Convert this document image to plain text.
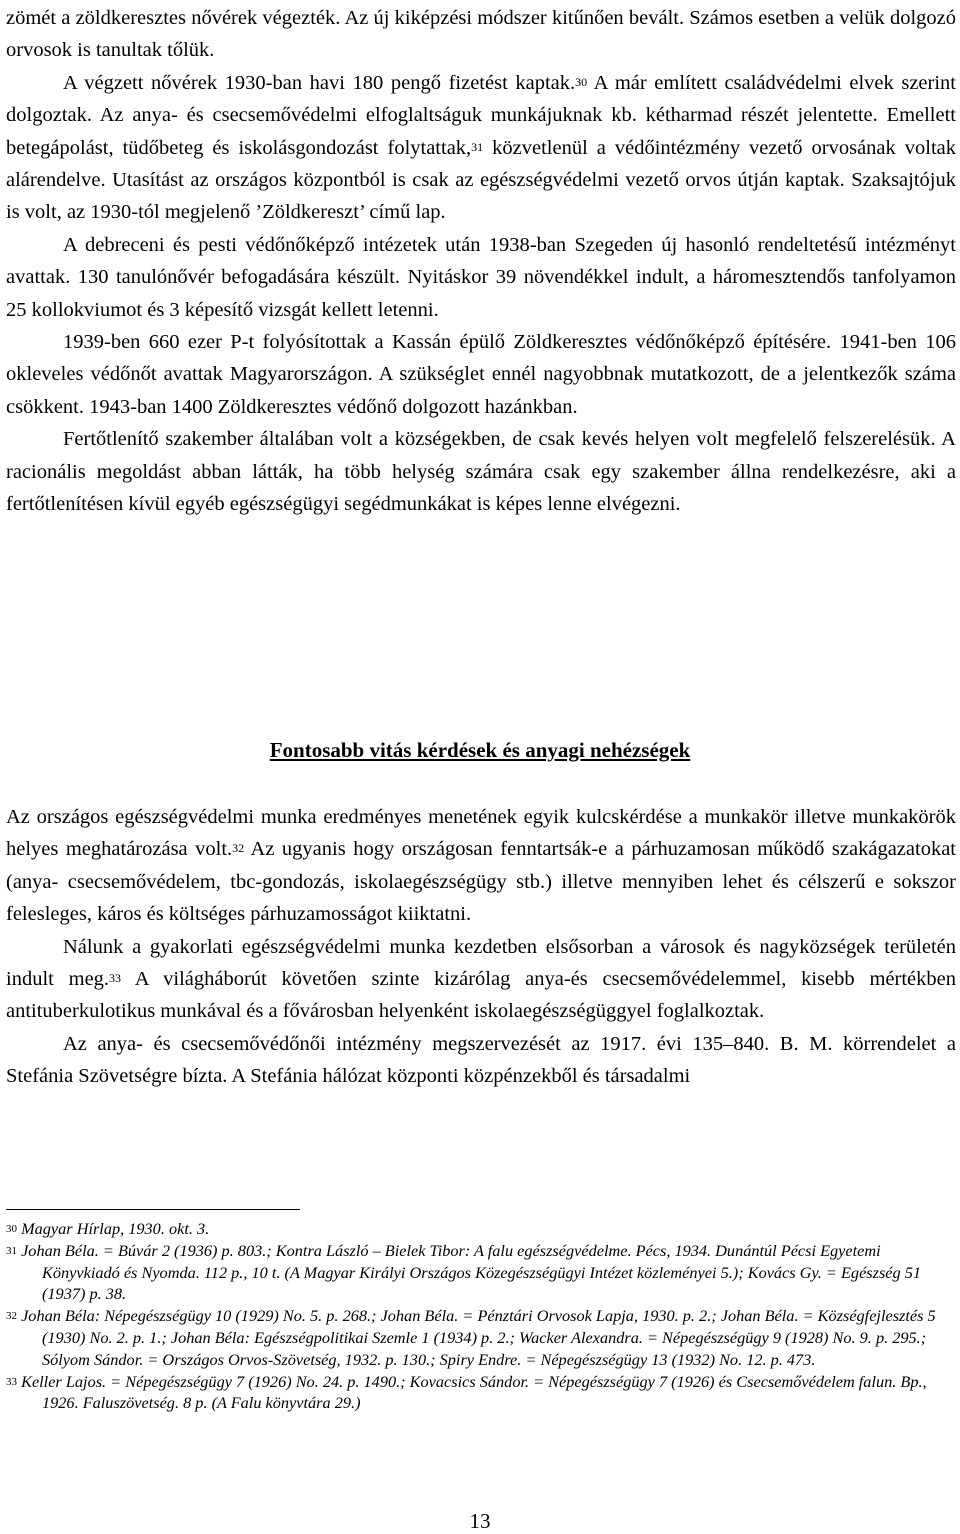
zömét a zöldkeresztes nővérek végezték. Az új kiképzési módszer kitűnően bevált. Számos esetben a velük dolgozó orvosok is tanultak tőlük.

A végzett nővérek 1930-ban havi 180 pengő fizetést kaptak.$^{30}$ A már említett családvédelmi elvek szerint dolgoztak. Az anya- és csecsemővédelmi elfoglaltságuk munkájuknak kb. kétharmad részét jelentette. Emellett betegápolást, tüdőbeteg és iskolásgondozást folytattak,$^{31}$ közvetlenül a védőintézmény vezető orvosának voltak alárendelve. Utasítást az országos központból is csak az egészségvédelmi vezető orvos útján kaptak. Szaksajtójuk is volt, az 1930-tól megjelenő ’Zöldkereszt’ című lap.

A debreceni és pesti védőnőképző intézetek után 1938-ban Szegeden új hasonló rendeltetésű intézményt avattak. 130 tanulónővér befogadására készült. Nyitáskor 39 növendékkel indult, a háromesztendős tanfolyamon 25 kollokviumot és 3 képesítő vizsgát kellett letenni.

1939-ben 660 ezer P-t folyósítottak a Kassán épülő Zöldkeresztes védőnőképző építésére. 1941-ben 106 okleveles védőnőt avattak Magyarországon. A szükséglet ennél nagyobbnak mutatkozott, de a jelentkezők száma csökkent. 1943-ban 1400 Zöldkeresztes védőnő dolgozott hazánkban.

Fertőtlenítő szakember általában volt a községekben, de csak kevés helyen volt megfelelő felszerelésük. A racionális megoldást abban látták, ha több helység számára csak egy szakember állna rendelkezésre, aki a fertőtlenítésen kívül egyéb egészségügyi segédmunkákat is képes lenne elvégezni.

Fontosabb vitás kérdések és anyagi nehézségek

Az országos egészségvédelmi munka eredményes menetének egyik kulcskérdése a munkakör illetve munkakörök helyes meghatározása volt.$^{32}$ Az ugyanis hogy országosan fenntartsák-e a párhuzamosan működő szakágazatokat (anya- csecsemővédelem, tbc-gondozás, iskolaegészségügy stb.) illetve mennyiben lehet és célszerű e sokszor felesleges, káros és költséges párhuzamosságot kiiktatni.

Nálunk a gyakorlati egészségvédelmi munka kezdetben elsősorban a városok és nagyközségek területén indult meg.$^{33}$ A világháborút követően szinte kizárólag anya-és csecsemővédelemmel, kisebb mértékben antituberkulotikus munkával és a fővárosban helyenként iskolaegészségüggyel foglalkoztak.

Az anya- és csecsemővédőnői intézmény megszervezését az 1917. évi 135–840. B. M. körrendelet a Stefánia Szövetségre bízta. A Stefánia hálózat központi közpénzekből és társadalmi

$^{30}$ Magyar Hírlap, 1930. okt. 3.

$^{31}$ Johan Béla. = Búvár 2 (1936) p. 803.; Kontra László – Bielek Tibor: A falu egészségvédelme. Pécs, 1934. Dunántúl Pécsi Egyetemi Könyvkiadó és Nyomda. 112 p., 10 t. (A Magyar Királyi Országos Közegészségügyi Intézet közleményei 5.); Kovács Gy. = Egészség 51 (1937) p. 38.

$^{32}$ Johan Béla: Népegészségügy 10 (1929) No. 5. p. 268.; Johan Béla. = Pénztári Orvosok Lapja, 1930. p. 2.; Johan Béla. = Községfejlesztés 5 (1930) No. 2. p. 1.; Johan Béla: Egészségpolitikai Szemle 1 (1934) p. 2.; Wacker Alexandra. = Népegészségügy 9 (1928) No. 9. p. 295.; Sólyom Sándor. = Országos Orvos-Szövetség, 1932. p. 130.; Spiry Endre. = Népegészségügy 13 (1932) No. 12. p. 473.

$^{33}$ Keller Lajos. = Népegészségügy 7 (1926) No. 24. p. 1490.; Kovacsics Sándor. = Népegészségügy 7 (1926) és Csecsemővédelem falun. Bp., 1926. Faluszövetség. 8 p. (A Falu könyvtára 29.)

13
